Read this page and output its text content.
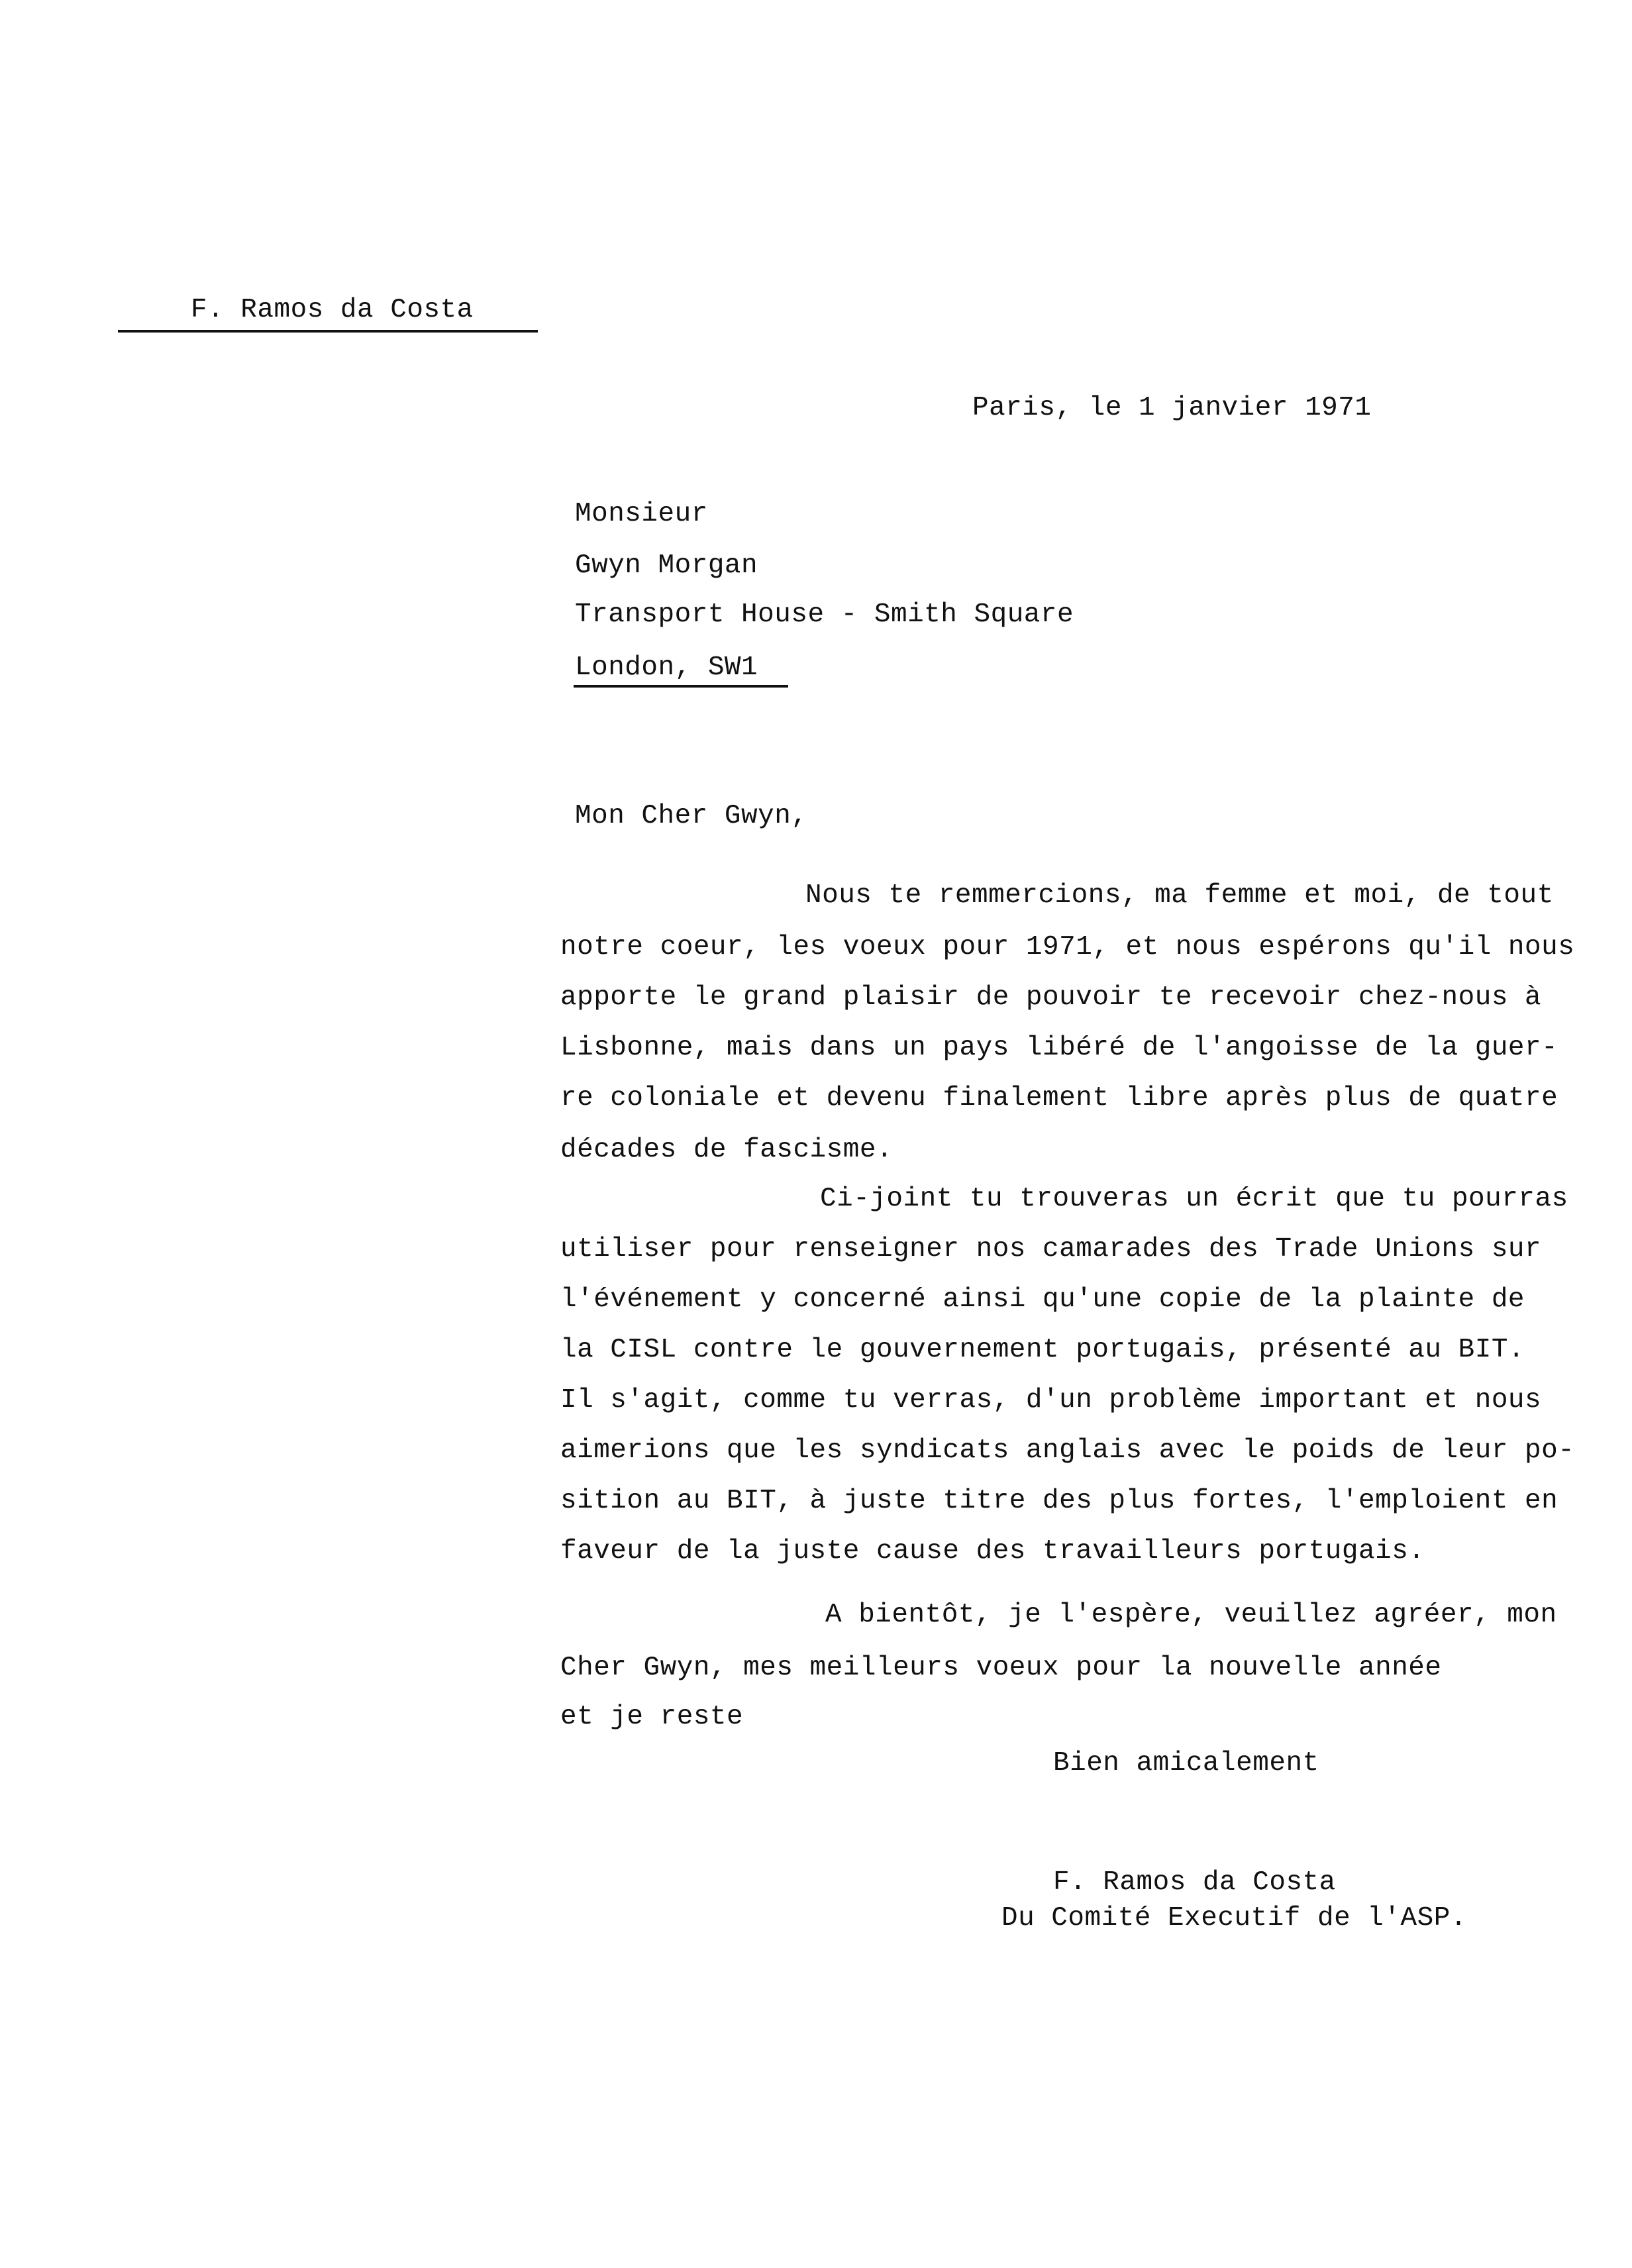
F. Ramos da Costa
Paris, le 1 janvier 1971
Monsieur
Gwyn Morgan
Transport House - Smith Square
London, SW1
Mon Cher Gwyn,
Nous te remmercions, ma femme et moi, de tout
notre coeur, les voeux pour 1971, et nous espérons qu'il nous
apporte le grand plaisir de pouvoir te recevoir chez-nous à
Lisbonne, mais dans un pays libéré de l'angoisse de la guer-
re coloniale et devenu finalement libre après plus de quatre
décades de fascisme.
Ci-joint tu trouveras un écrit que tu pourras
utiliser pour renseigner nos camarades des Trade Unions sur
l'événement y concerné ainsi qu'une copie de la plainte de
la CISL contre le gouvernement portugais, présenté au BIT.
Il s'agit, comme tu verras, d'un problème important et nous
aimerions que les syndicats anglais avec le poids de leur po-
sition au BIT, à juste titre des plus fortes, l'emploient en
faveur de la juste cause des travailleurs portugais.
A bientôt, je l'espère, veuillez agréer, mon
Cher Gwyn, mes meilleurs voeux pour la nouvelle année
et je reste
Bien amicalement
F. Ramos da Costa
Du Comité Executif de l'ASP.
